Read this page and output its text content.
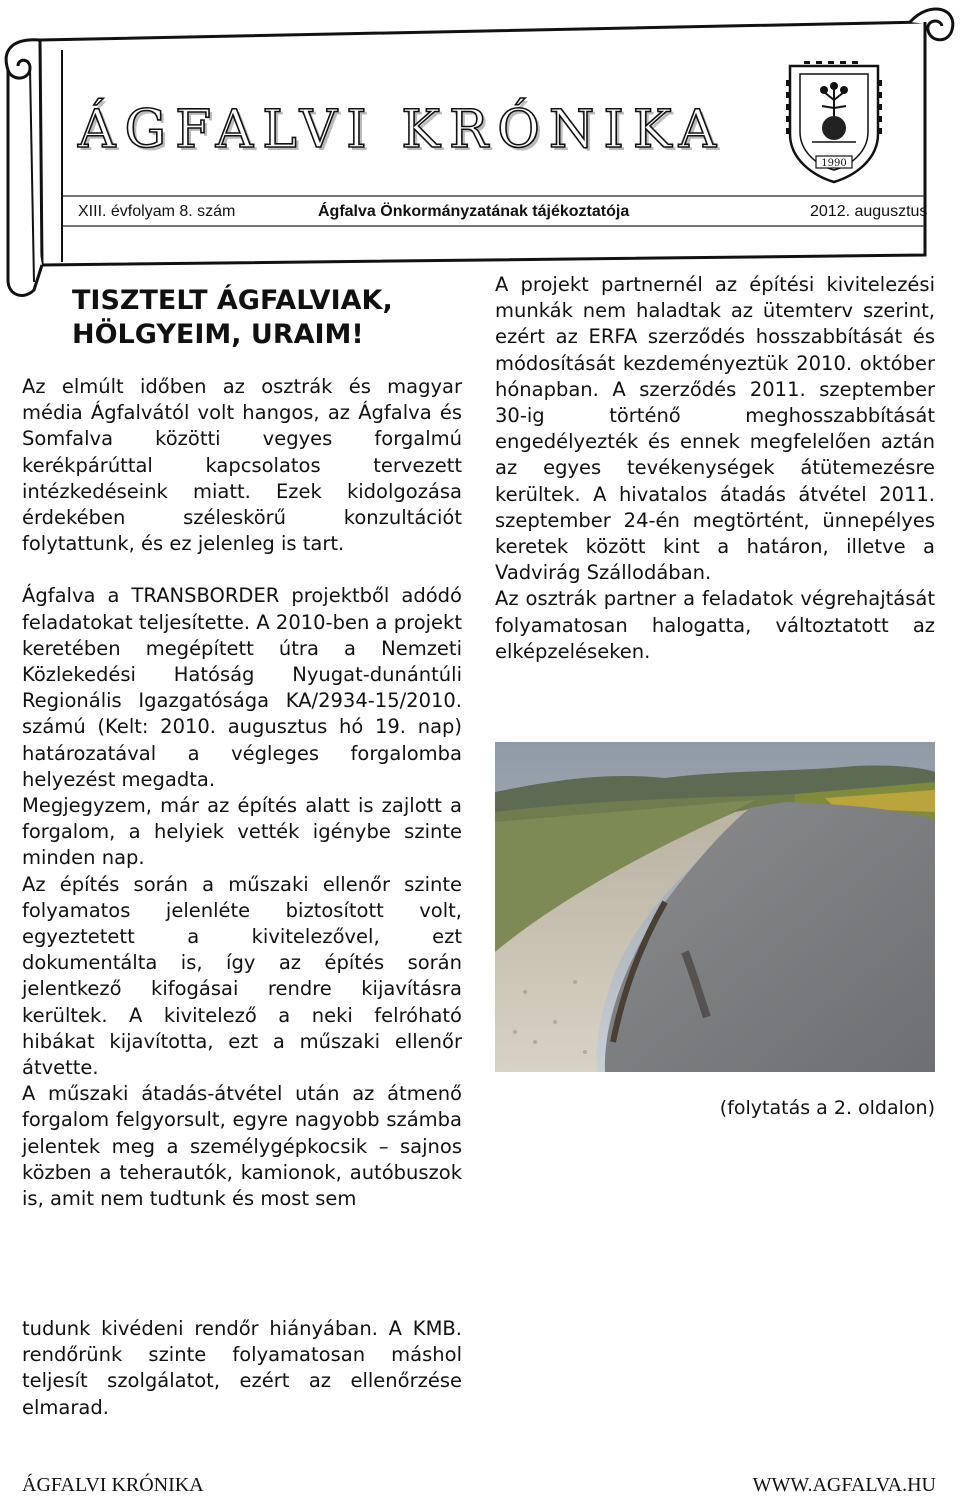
ÁGFALVI KRÓNIKA
1990
XIII. évfolyam 8. szám	Ágfalva Önkormányzatának tájékoztatója	2012. augusztus
TISZTELT ÁGFALVIAK,
HÖLGYEIM, URAIM!

Az elmúlt időben az osztrák és magyar média Ágfalvától volt hangos, az Ágfalva és Somfalva közötti vegyes forgalmú kerékpárúttal kapcsolatos tervezett intézkedéseink miatt. Ezek kidolgozása érdekében széleskörű konzultációt folytattunk, és ez jelenleg is tart.

Ágfalva a TRANSBORDER projektből adódó feladatokat teljesítette. A 2010-ben a projekt keretében megépített útra a Nemzeti Közlekedési Hatóság Nyugat-dunántúli Regionális Igazgatósága KA/2934-15/2010. számú (Kelt: 2010. augusztus hó 19. nap) határozatával a végleges forgalomba helyezést megadta.

Megjegyzem, már az építés alatt is zajlott a forgalom, a helyiek vették igénybe szinte minden nap.

Az építés során a műszaki ellenőr szinte folyamatos jelenléte biztosított volt, egyeztetett a kivitelezővel, ezt dokumentálta is, így az építés során jelentkező kifogásai rendre kijavításra kerültek. A kivitelező a neki felróható hibákat kijavította, ezt a műszaki ellenőr átvette.

A műszaki átadás-átvétel után az átmenő forgalom felgyorsult, egyre nagyobb számba jelentek meg a személygépkocsik – sajnos közben a teherautók, kamionok, autóbuszok is, amit nem tudtunk és most sem

tudunk kivédeni rendőr hiányában. A KMB. rendőrünk szinte folyamatosan máshol teljesít szolgálatot, ezért az ellenőrzése elmarad.

A projekt partnernél az építési kivitelezési munkák nem haladtak az ütemterv szerint, ezért az ERFA szerződés hosszabbítását és módosítását kezdeményeztük 2010. október hónapban. A szerződés 2011. szeptember 30-ig történő meghosszabbítását engedélyezték és ennek megfelelően aztán az egyes tevékenységek átütemezésre kerültek. A hivatalos átadás átvétel 2011. szeptember 24-én megtörtént, ünnepélyes keretek között kint a határon, illetve a Vadvirág Szállodában.

Az osztrák partner a feladatok végrehajtását folyamatosan halogatta, változtatott az elképzeléseken.

(folytatás a 2. oldalon)
ÁGFALVI KRÓNIKA	WWW.AGFALVA.HU
